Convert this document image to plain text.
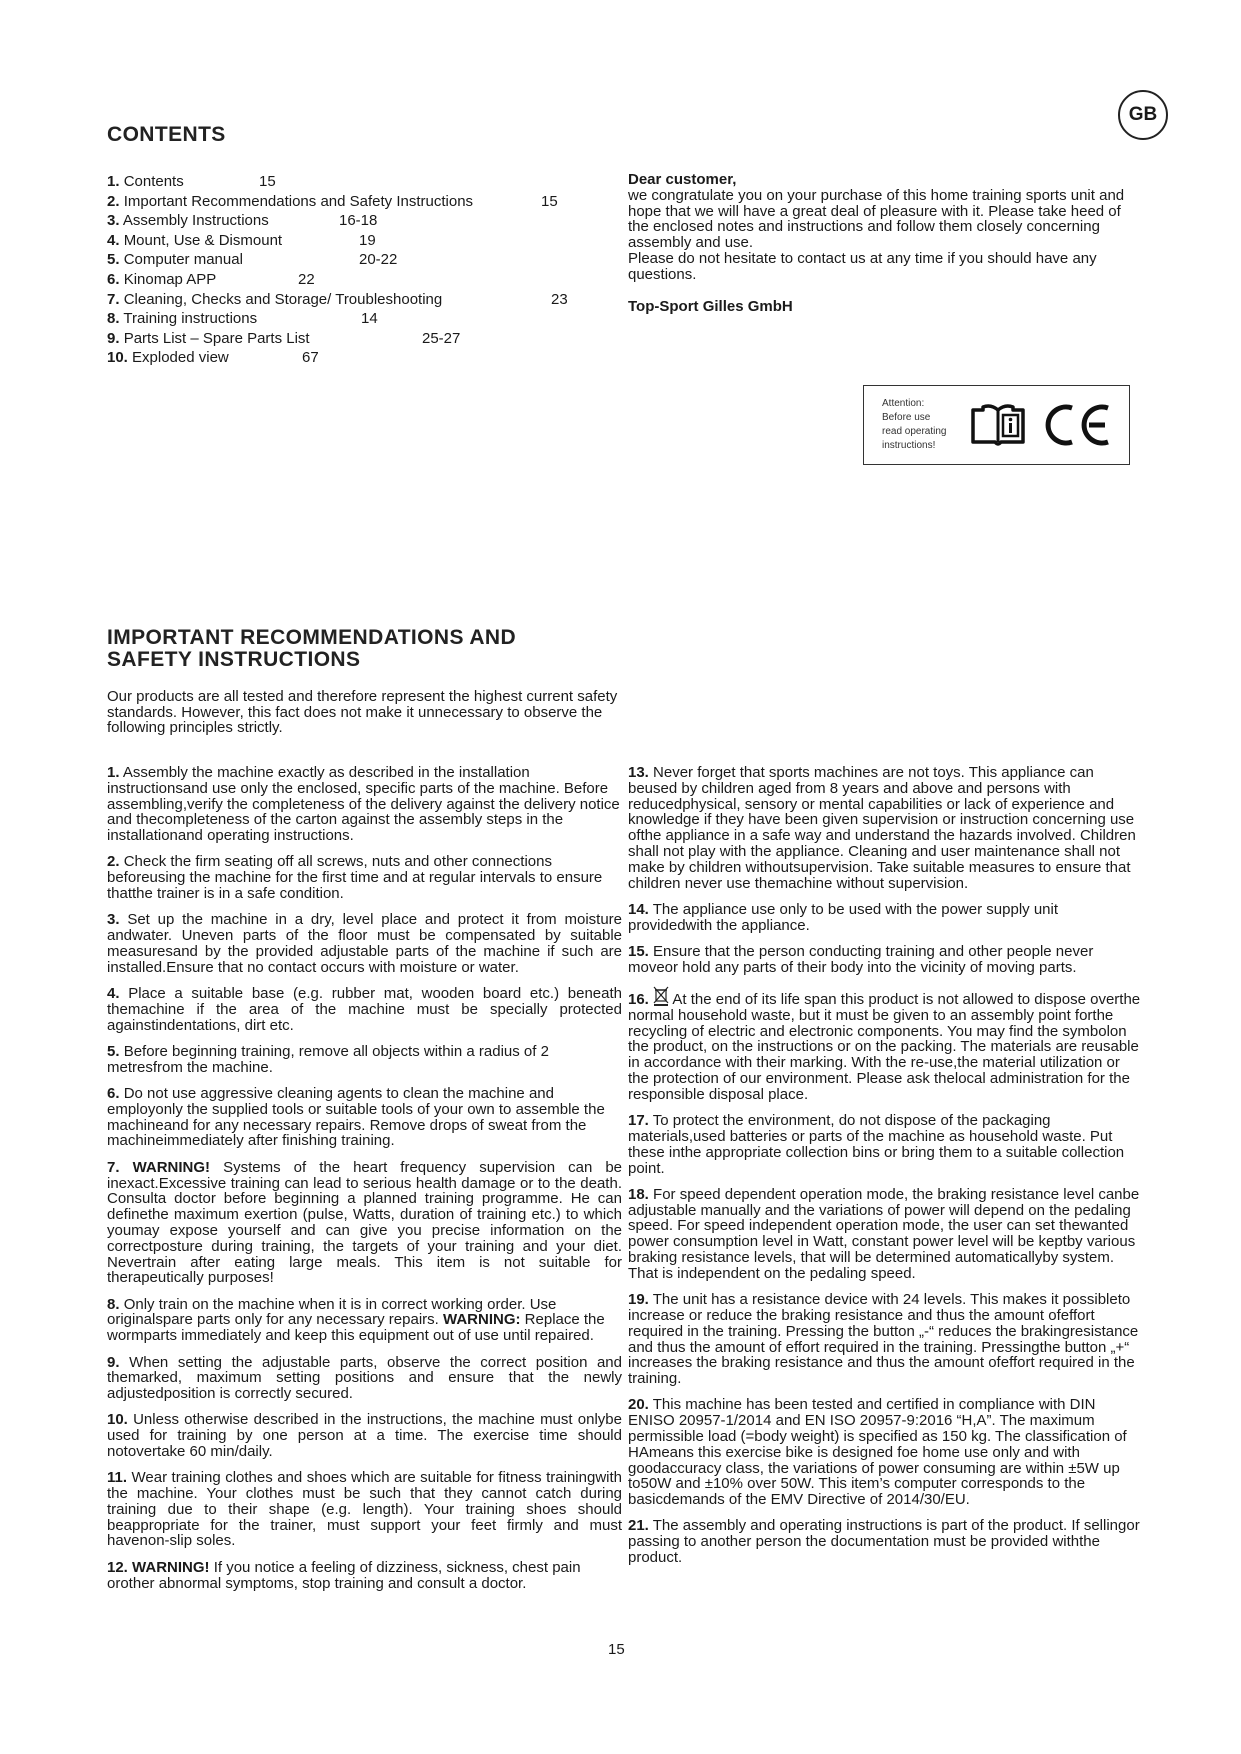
GB
CONTENTS
1. Contents	15
2. Important Recommendations and Safety Instructions	15
3. Assembly Instructions	16-18
4. Mount, Use & Dismount	19
5. Computer manual	20-22
6. Kinomap APP	22
7. Cleaning, Checks and Storage/ Troubleshooting	23
8. Training instructions	14
9. Parts List – Spare Parts List	25-27
10. Exploded view	67
Dear customer,
we congratulate you on your purchase of this home training sports unit and hope that we will have a great deal of pleasure with it. Please take heed of the enclosed notes and instructions and follow them closely concerning assembly and use.
Please do not hesitate to contact us at any time if you should have any questions.
Top-Sport Gilles GmbH
Attention:
Before use
read operating
instructions!
IMPORTANT RECOMMENDATIONS AND
SAFETY INSTRUCTIONS
Our products are all tested and therefore represent the highest current safety standards. However, this fact does not make it unnecessary to observe the following principles strictly.

1. Assembly the machine exactly as described in the installation instructionsand use only the enclosed, specific parts of the machine. Before assembling,verify the completeness of the delivery against the delivery notice and thecompleteness of the carton against the assembly steps in the installationand operating instructions.

2. Check the firm seating off all screws, nuts and other connections beforeusing the machine for the first time and at regular intervals to ensure thatthe trainer is in a safe condition.

3. Set up the machine in a dry, level place and protect it from moisture andwater. Uneven parts of the floor must be compensated by suitable measuresand by the provided adjustable parts of the machine if such are installed.Ensure that no contact occurs with moisture or water.

4. Place a suitable base (e.g. rubber mat, wooden board etc.) beneath themachine if the area of the machine must be specially protected againstindentations, dirt etc.

5. Before beginning training, remove all objects within a radius of 2 metresfrom the machine.

6. Do not use aggressive cleaning agents to clean the machine and employonly the supplied tools or suitable tools of your own to assemble the machineand for any necessary repairs. Remove drops of sweat from the machineimmediately after finishing training.

7. WARNING! Systems of the heart frequency supervision can be inexact.Excessive training can lead to serious health damage or to the death. Consulta doctor before beginning a planned training programme. He can definethe maximum exertion (pulse, Watts, duration of training etc.) to which youmay expose yourself and can give you precise information on the correctposture during training, the targets of your training and your diet. Nevertrain after eating large meals. This item is not suitable for therapeutically purposes!

8. Only train on the machine when it is in correct working order. Use originalspare parts only for any necessary repairs. WARNING: Replace the wormparts immediately and keep this equipment out of use until repaired.

9. When setting the adjustable parts, observe the correct position and themarked, maximum setting positions and ensure that the newly adjustedposition is correctly secured.

10. Unless otherwise described in the instructions, the machine must onlybe used for training by one person at a time. The exercise time should notovertake 60 min/daily.

11. Wear training clothes and shoes which are suitable for fitness trainingwith the machine. Your clothes must be such that they cannot catch during training due to their shape (e.g. length). Your training shoes should beappropriate for the trainer, must support your feet firmly and must havenon-slip soles.

12. WARNING! If you notice a feeling of dizziness, sickness, chest pain orother abnormal symptoms, stop training and consult a doctor.

13. Never forget that sports machines are not toys. This appliance can beused by children aged from 8 years and above and persons with reducedphysical, sensory or mental capabilities or lack of experience and knowledge if they have been given supervision or instruction concerning use ofthe appliance in a safe way and understand the hazards involved. Children shall not play with the appliance. Cleaning and user maintenance shall not make by children withoutsupervision. Take suitable measures to ensure that children never use themachine without supervision.

14. The appliance use only to be used with the power supply unit providedwith the appliance.

15. Ensure that the person conducting training and other people never moveor hold any parts of their body into the vicinity of moving parts.

16. At the end of its life span this product is not allowed to dispose overthe normal household waste, but it must be given to an assembly point forthe recycling of electric and electronic components. You may find the symbolon the product, on the instructions or on the packing. The materials are reusable in accordance with their marking. With the re-use,the material utilization or the protection of our environment. Please ask thelocal administration for the responsible disposal place.

17. To protect the environment, do not dispose of the packaging materials,used batteries or parts of the machine as household waste. Put these inthe appropriate collection bins or bring them to a suitable collection point.

18. For speed dependent operation mode, the braking resistance level canbe adjustable manually and the variations of power will depend on the pedaling speed. For speed independent operation mode, the user can set thewanted power consumption level in Watt, constant power level will be keptby various braking resistance levels, that will be determined automaticallyby system. That is independent on the pedaling speed.

19. The unit has a resistance device with 24 levels. This makes it possibleto increase or reduce the braking resistance and thus the amount ofeffort required in the training. Pressing the button „-“ reduces the brakingresistance and thus the amount of effort required in the training. Pressingthe button „+“ increases the braking resistance and thus the amount ofeffort required in the training.

20. This machine has been tested and certified in compliance with DIN ENISO 20957-1/2014 and EN ISO 20957-9:2016 “H,A”. The maximum permissible load (=body weight) is specified as 150 kg. The classification of HAmeans this exercise bike is designed foe home use only and with goodaccuracy class, the variations of power consuming are within ±5W up to50W and ±10% over 50W. This item’s computer corresponds to the basicdemands of the EMV Directive of 2014/30/EU.

21. The assembly and operating instructions is part of the product. If sellingor passing to another person the documentation must be provided withthe product.

15
